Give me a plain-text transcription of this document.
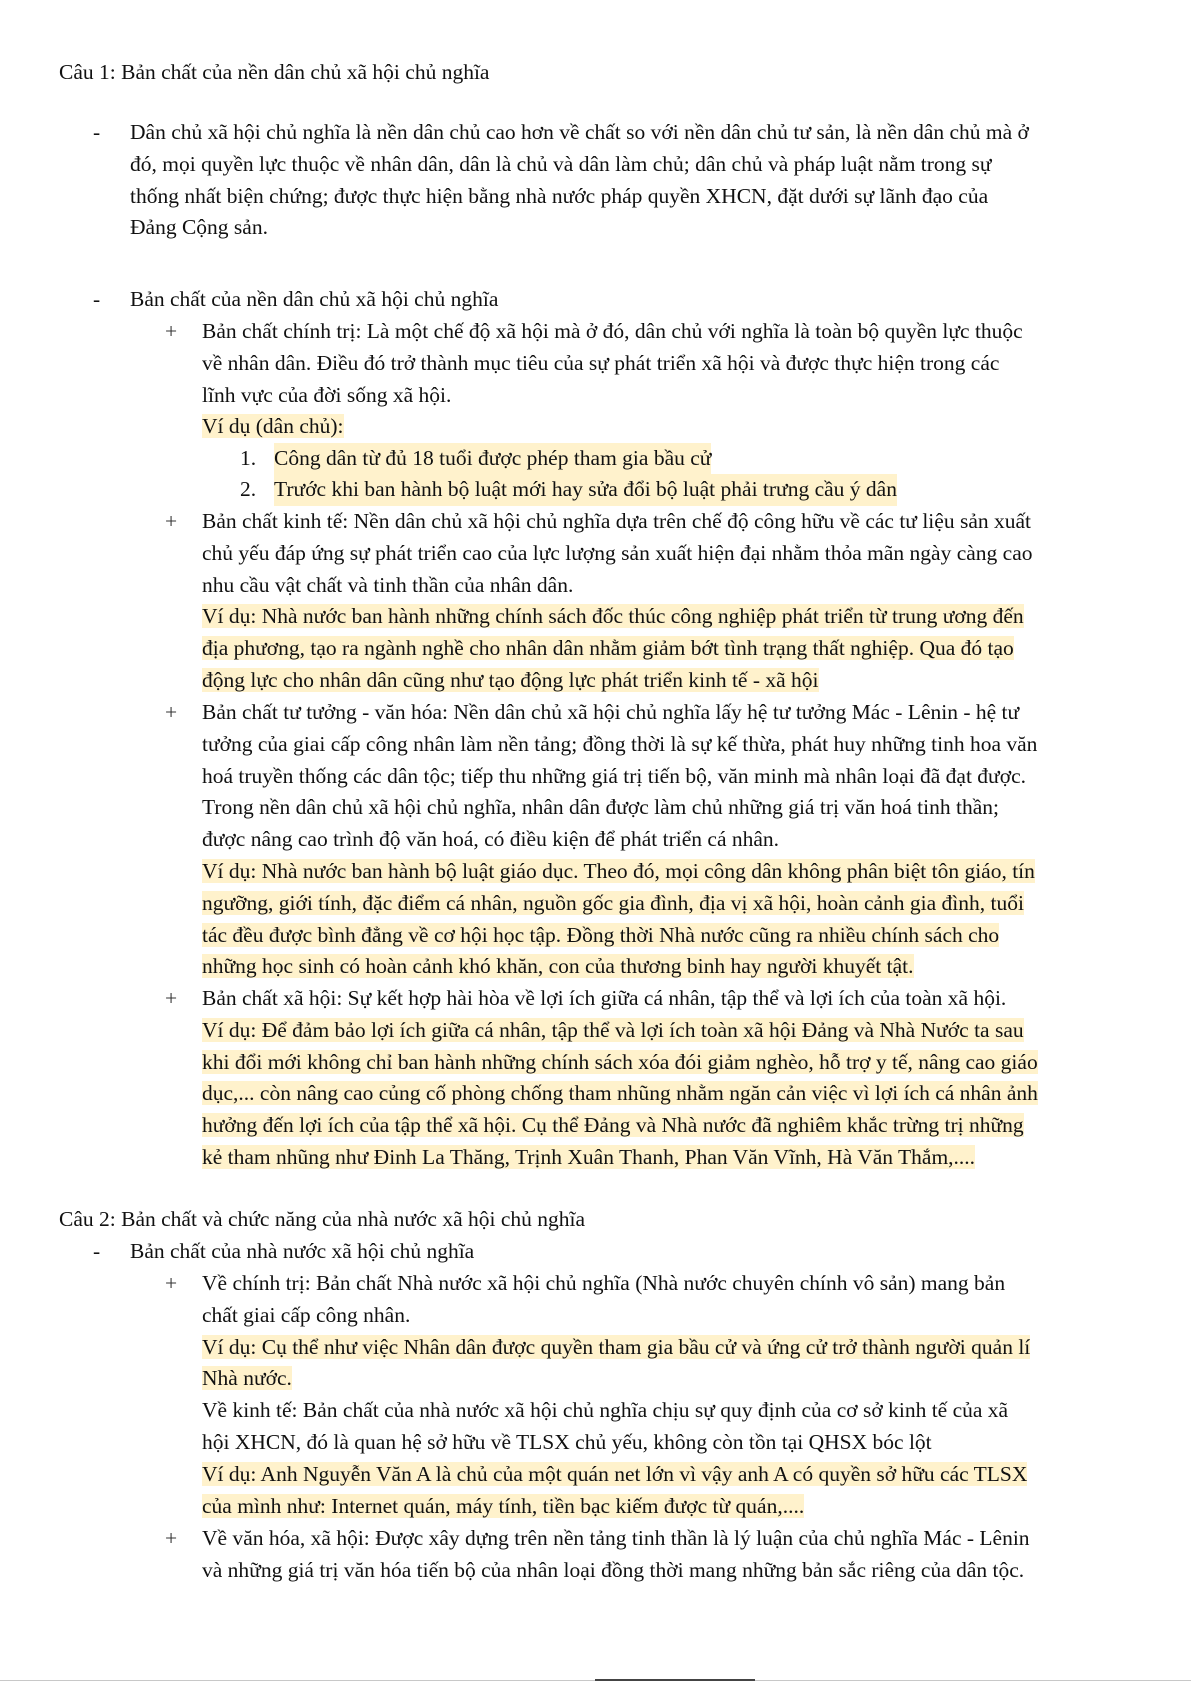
Câu 1: Bản chất của nền dân chủ xã hội chủ nghĩa
- Dân chủ xã hội chủ nghĩa là nền dân chủ cao hơn về chất so với nền dân chủ tư sản, là nền dân chủ mà ở
đó, mọi quyền lực thuộc về nhân dân, dân là chủ và dân làm chủ; dân chủ và pháp luật nằm trong sự
thống nhất biện chứng; được thực hiện bằng nhà nước pháp quyền XHCN, đặt dưới sự lãnh đạo của
Đảng Cộng sản.
- Bản chất của nền dân chủ xã hội chủ nghĩa
+ Bản chất chính trị: Là một chế độ xã hội mà ở đó, dân chủ với nghĩa là toàn bộ quyền lực thuộc
về nhân dân. Điều đó trở thành mục tiêu của sự phát triển xã hội và được thực hiện trong các
lĩnh vực của đời sống xã hội.
Ví dụ (dân chủ):
1. Công dân từ đủ 18 tuổi được phép tham gia bầu cử
2. Trước khi ban hành bộ luật mới hay sửa đổi bộ luật phải trưng cầu ý dân
+ Bản chất kinh tế: Nền dân chủ xã hội chủ nghĩa dựa trên chế độ công hữu về các tư liệu sản xuất
chủ yếu đáp ứng sự phát triển cao của lực lượng sản xuất hiện đại nhằm thỏa mãn ngày càng cao
nhu cầu vật chất và tinh thần của nhân dân.
Ví dụ: Nhà nước ban hành những chính sách đốc thúc công nghiệp phát triển từ trung ương đến
địa phương, tạo ra ngành nghề cho nhân dân nhằm giảm bớt tình trạng thất nghiệp. Qua đó tạo
động lực cho nhân dân cũng như tạo động lực phát triển kinh tế - xã hội
+ Bản chất tư tưởng - văn hóa: Nền dân chủ xã hội chủ nghĩa lấy hệ tư tưởng Mác - Lênin - hệ tư
tưởng của giai cấp công nhân làm nền tảng; đồng thời là sự kế thừa, phát huy những tinh hoa văn
hoá truyền thống các dân tộc; tiếp thu những giá trị tiến bộ, văn minh mà nhân loại đã đạt được.
Trong nền dân chủ xã hội chủ nghĩa, nhân dân được làm chủ những giá trị văn hoá tinh thần;
được nâng cao trình độ văn hoá, có điều kiện để phát triển cá nhân.
Ví dụ: Nhà nước ban hành bộ luật giáo dục. Theo đó, mọi công dân không phân biệt tôn giáo, tín
ngưỡng, giới tính, đặc điểm cá nhân, nguồn gốc gia đình, địa vị xã hội, hoàn cảnh gia đình, tuổi
tác đều được bình đẳng về cơ hội học tập. Đồng thời Nhà nước cũng ra nhiều chính sách cho
những học sinh có hoàn cảnh khó khăn, con của thương binh hay người khuyết tật.
+ Bản chất xã hội: Sự kết hợp hài hòa về lợi ích giữa cá nhân, tập thể và lợi ích của toàn xã hội.
Ví dụ: Để đảm bảo lợi ích giữa cá nhân, tập thể và lợi ích toàn xã hội Đảng và Nhà Nước ta sau
khi đổi mới không chỉ ban hành những chính sách xóa đói giảm nghèo, hỗ trợ y tế, nâng cao giáo
dục,... còn nâng cao củng cố phòng chống tham nhũng nhằm ngăn cản việc vì lợi ích cá nhân ảnh
hưởng đến lợi ích của tập thể xã hội. Cụ thể Đảng và Nhà nước đã nghiêm khắc trừng trị những
kẻ tham nhũng như Đinh La Thăng, Trịnh Xuân Thanh, Phan Văn Vĩnh, Hà Văn Thắm,....
Câu 2: Bản chất và chức năng của nhà nước xã hội chủ nghĩa
- Bản chất của nhà nước xã hội chủ nghĩa
+ Về chính trị: Bản chất Nhà nước xã hội chủ nghĩa (Nhà nước chuyên chính vô sản) mang bản
chất giai cấp công nhân.
Ví dụ: Cụ thể như việc Nhân dân được quyền tham gia bầu cử và ứng cử trở thành người quản lí
Nhà nước.
Về kinh tế: Bản chất của nhà nước xã hội chủ nghĩa chịu sự quy định của cơ sở kinh tế của xã
hội XHCN, đó là quan hệ sở hữu về TLSX chủ yếu, không còn tồn tại QHSX bóc lột
Ví dụ: Anh Nguyễn Văn A là chủ của một quán net lớn vì vậy anh A có quyền sở hữu các TLSX
của mình như: Internet quán, máy tính, tiền bạc kiếm được từ quán,....
+ Về văn hóa, xã hội: Được xây dựng trên nền tảng tinh thần là lý luận của chủ nghĩa Mác - Lênin
và những giá trị văn hóa tiến bộ của nhân loại đồng thời mang những bản sắc riêng của dân tộc.
